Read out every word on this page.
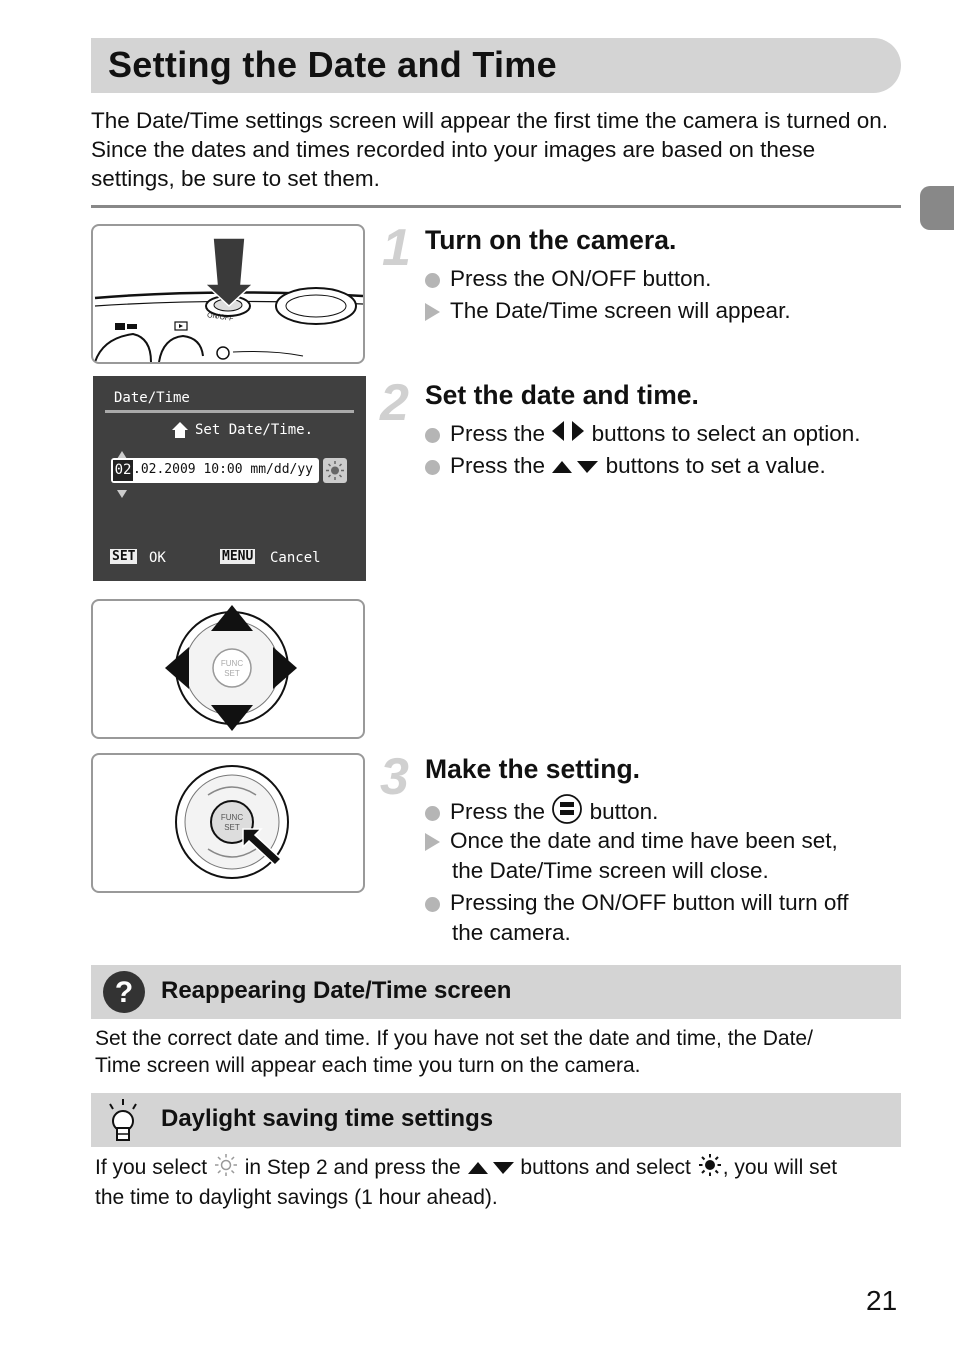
Setting the Date and Time
The Date/Time settings screen will appear the first time the camera is turned on. Since the dates and times recorded into your images are based on these settings, be sure to set them.
ON/OFF
Date/Time
Set Date/Time.
02 .02.2009 10:00 mm/dd/yy
SET OK	MENU Cancel
FUNC
SET
FUNC
SET
1 Turn on the camera.
Press the ON/OFF button.
The Date/Time screen will appear.
2 Set the date and time.
Press the buttons to select an option.
Press the	buttons to set a value.
3 Make the setting.
Press the button.
Once the date and time have been set,
the Date/Time screen will close.
Pressing the ON/OFF button will turn off
the camera.
? Reappearing Date/Time screen
Set the correct date and time. If you have not set the date and time, the Date/
Time screen will appear each time you turn on the camera.
Daylight saving time settings
If you select in Step 2 and press the	buttons and select , you will set
the time to daylight savings (1 hour ahead).
21
